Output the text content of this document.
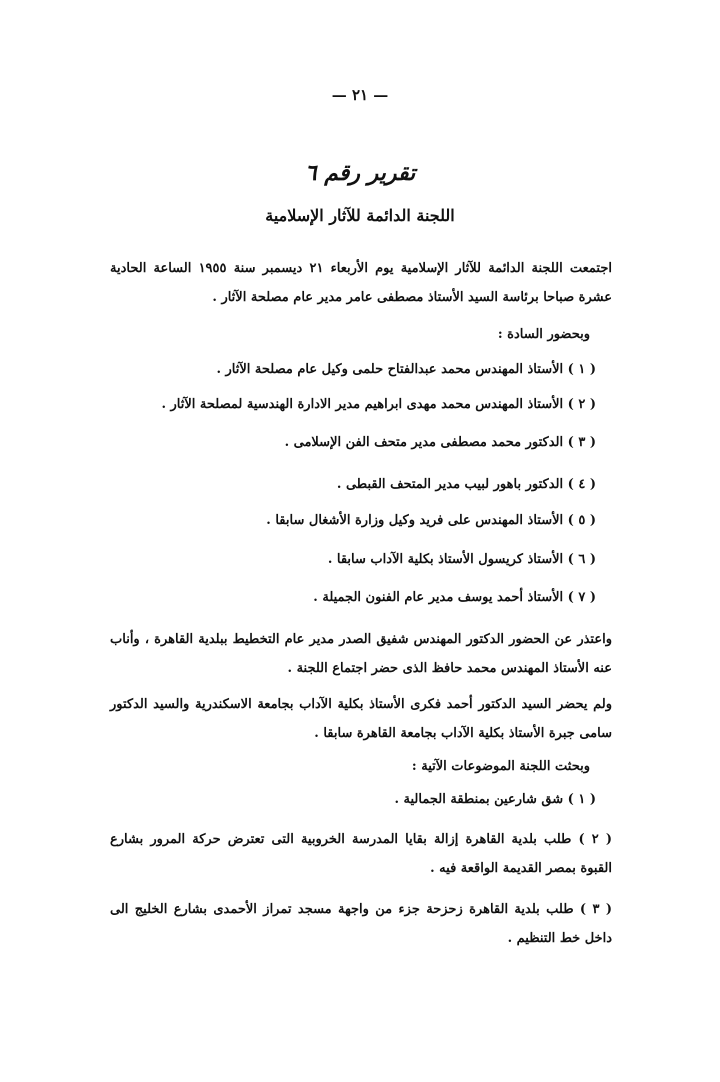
— ٢١ —
تقرير رقم ٦
اللجنة الدائمة للآثار الإسلامية

اجتمعت اللجنة الدائمة للآثار الإسلامية يوم الأربعاء ٢١ ديسمبر سنة ١٩٥٥ الساعة الحادية عشرة صباحا برئاسة السيد الأستاذ مصطفى عامر مدير عام مصلحة الآثار .

وبحضور السادة :

( ١ ) الأستاذ المهندس محمد عبدالفتاح حلمى وكيل عام مصلحة الآثار .

( ٢ ) الأستاذ المهندس محمد مهدى ابراهيم مدير الادارة الهندسية لمصلحة الآثار .

( ٣ ) الدكتور محمد مصطفى مدير متحف الفن الإسلامى .

( ٤ ) الدكتور باهور لبيب مدير المتحف القبطى .

( ٥ ) الأستاذ المهندس على فريد وكيل وزارة الأشغال سابقا .

( ٦ ) الأستاذ كريسول الأستاذ بكلية الآداب سابقا .

( ٧ ) الأستاذ أحمد يوسف مدير عام الفنون الجميلة .

واعتذر عن الحضور الدكتور المهندس شفيق الصدر مدير عام التخطيط ببلدية القاهرة ، وأناب عنه الأستاذ المهندس محمد حافظ الذى حضر اجتماع اللجنة .

ولم يحضر السيد الدكتور أحمد فكرى الأستاذ بكلية الآداب بجامعة الاسكندرية والسيد الدكتور سامى جبرة الأستاذ بكلية الآداب بجامعة القاهرة سابقا .

وبحثت اللجنة الموضوعات الآتية :

( ١ ) شق شارعين بمنطقة الجمالية .

( ٢ ) طلب بلدية القاهرة إزالة بقايا المدرسة الخروبية التى تعترض حركة المرور بشارع القبوة بمصر القديمة الواقعة فيه .

( ٣ ) طلب بلدية القاهرة زحزحة جزء من واجهة مسجد تمراز الأحمدى بشارع الخليج الى داخل خط التنظيم .
